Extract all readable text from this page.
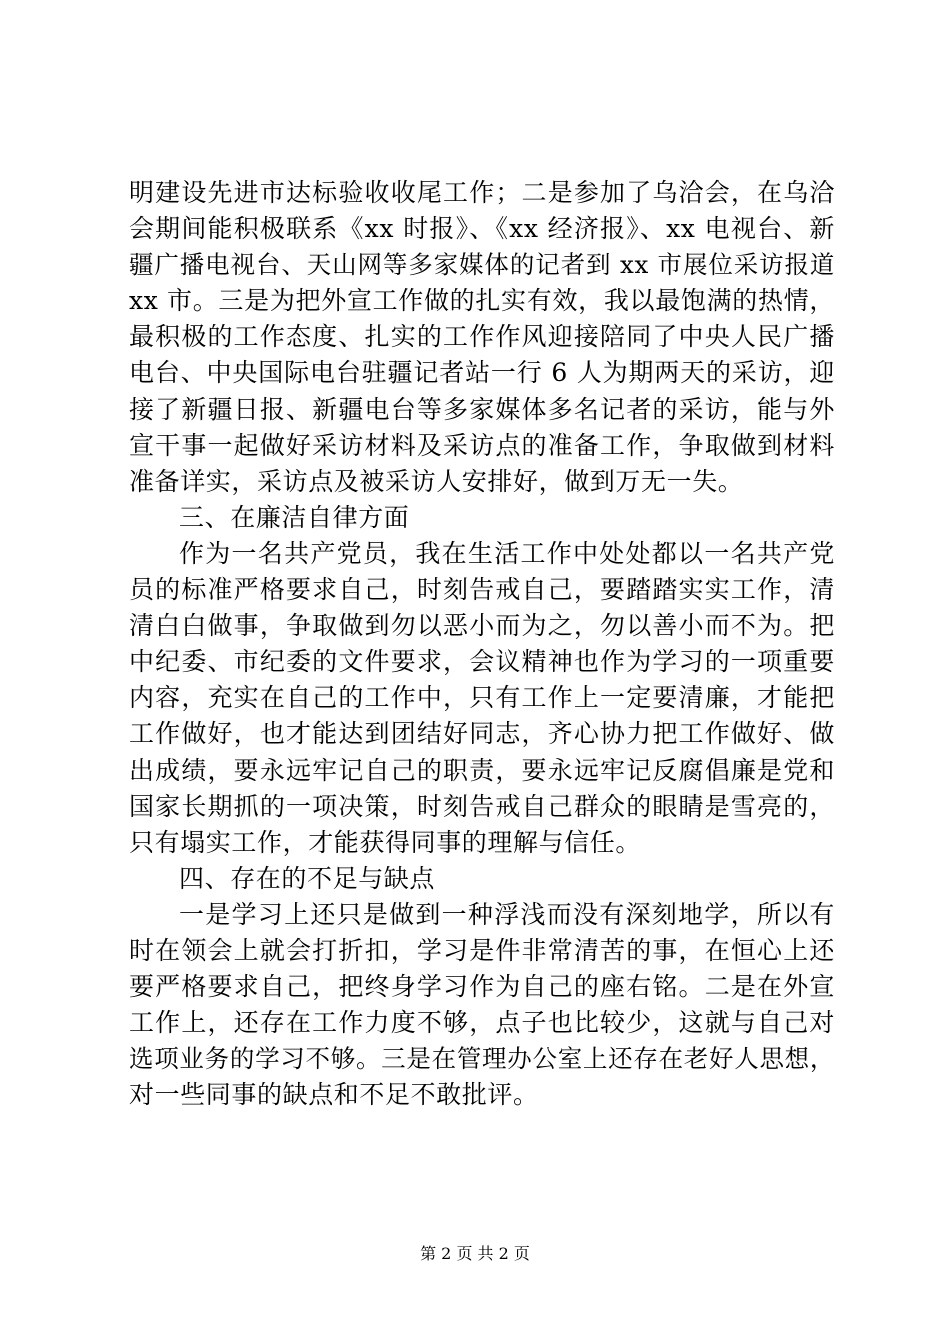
明建设先进市达标验收收尾工作；二是参加了乌洽会，在乌洽
会期间能积极联系《xx 时报》、《xx 经济报》、xx 电视台、新
疆广播电视台、天山网等多家媒体的记者到 xx 市展位采访报道
xx 市。三是为把外宣工作做的扎实有效，我以最饱满的热情，
最积极的工作态度、扎实的工作作风迎接陪同了中央人民广播
电台、中央国际电台驻疆记者站一行 6 人为期两天的采访，迎
接了新疆日报、新疆电台等多家媒体多名记者的采访，能与外
宣干事一起做好采访材料及采访点的准备工作，争取做到材料
准备详实，采访点及被采访人安排好，做到万无一失。
三、在廉洁自律方面
作为一名共产党员，我在生活工作中处处都以一名共产党
员的标准严格要求自己，时刻告戒自己，要踏踏实实工作，清
清白白做事，争取做到勿以恶小而为之，勿以善小而不为。把
中纪委、市纪委的文件要求，会议精神也作为学习的一项重要
内容，充实在自己的工作中，只有工作上一定要清廉，才能把
工作做好，也才能达到团结好同志，齐心协力把工作做好、做
出成绩，要永远牢记自己的职责，要永远牢记反腐倡廉是党和
国家长期抓的一项决策，时刻告戒自己群众的眼睛是雪亮的，
只有塌实工作，才能获得同事的理解与信任。
四、存在的不足与缺点
一是学习上还只是做到一种浮浅而没有深刻地学，所以有
时在领会上就会打折扣，学习是件非常清苦的事，在恒心上还
要严格要求自己，把终身学习作为自己的座右铭。二是在外宣
工作上，还存在工作力度不够，点子也比较少，这就与自己对
选项业务的学习不够。三是在管理办公室上还存在老好人思想，
对一些同事的缺点和不足不敢批评。
第 2 页 共 2 页
